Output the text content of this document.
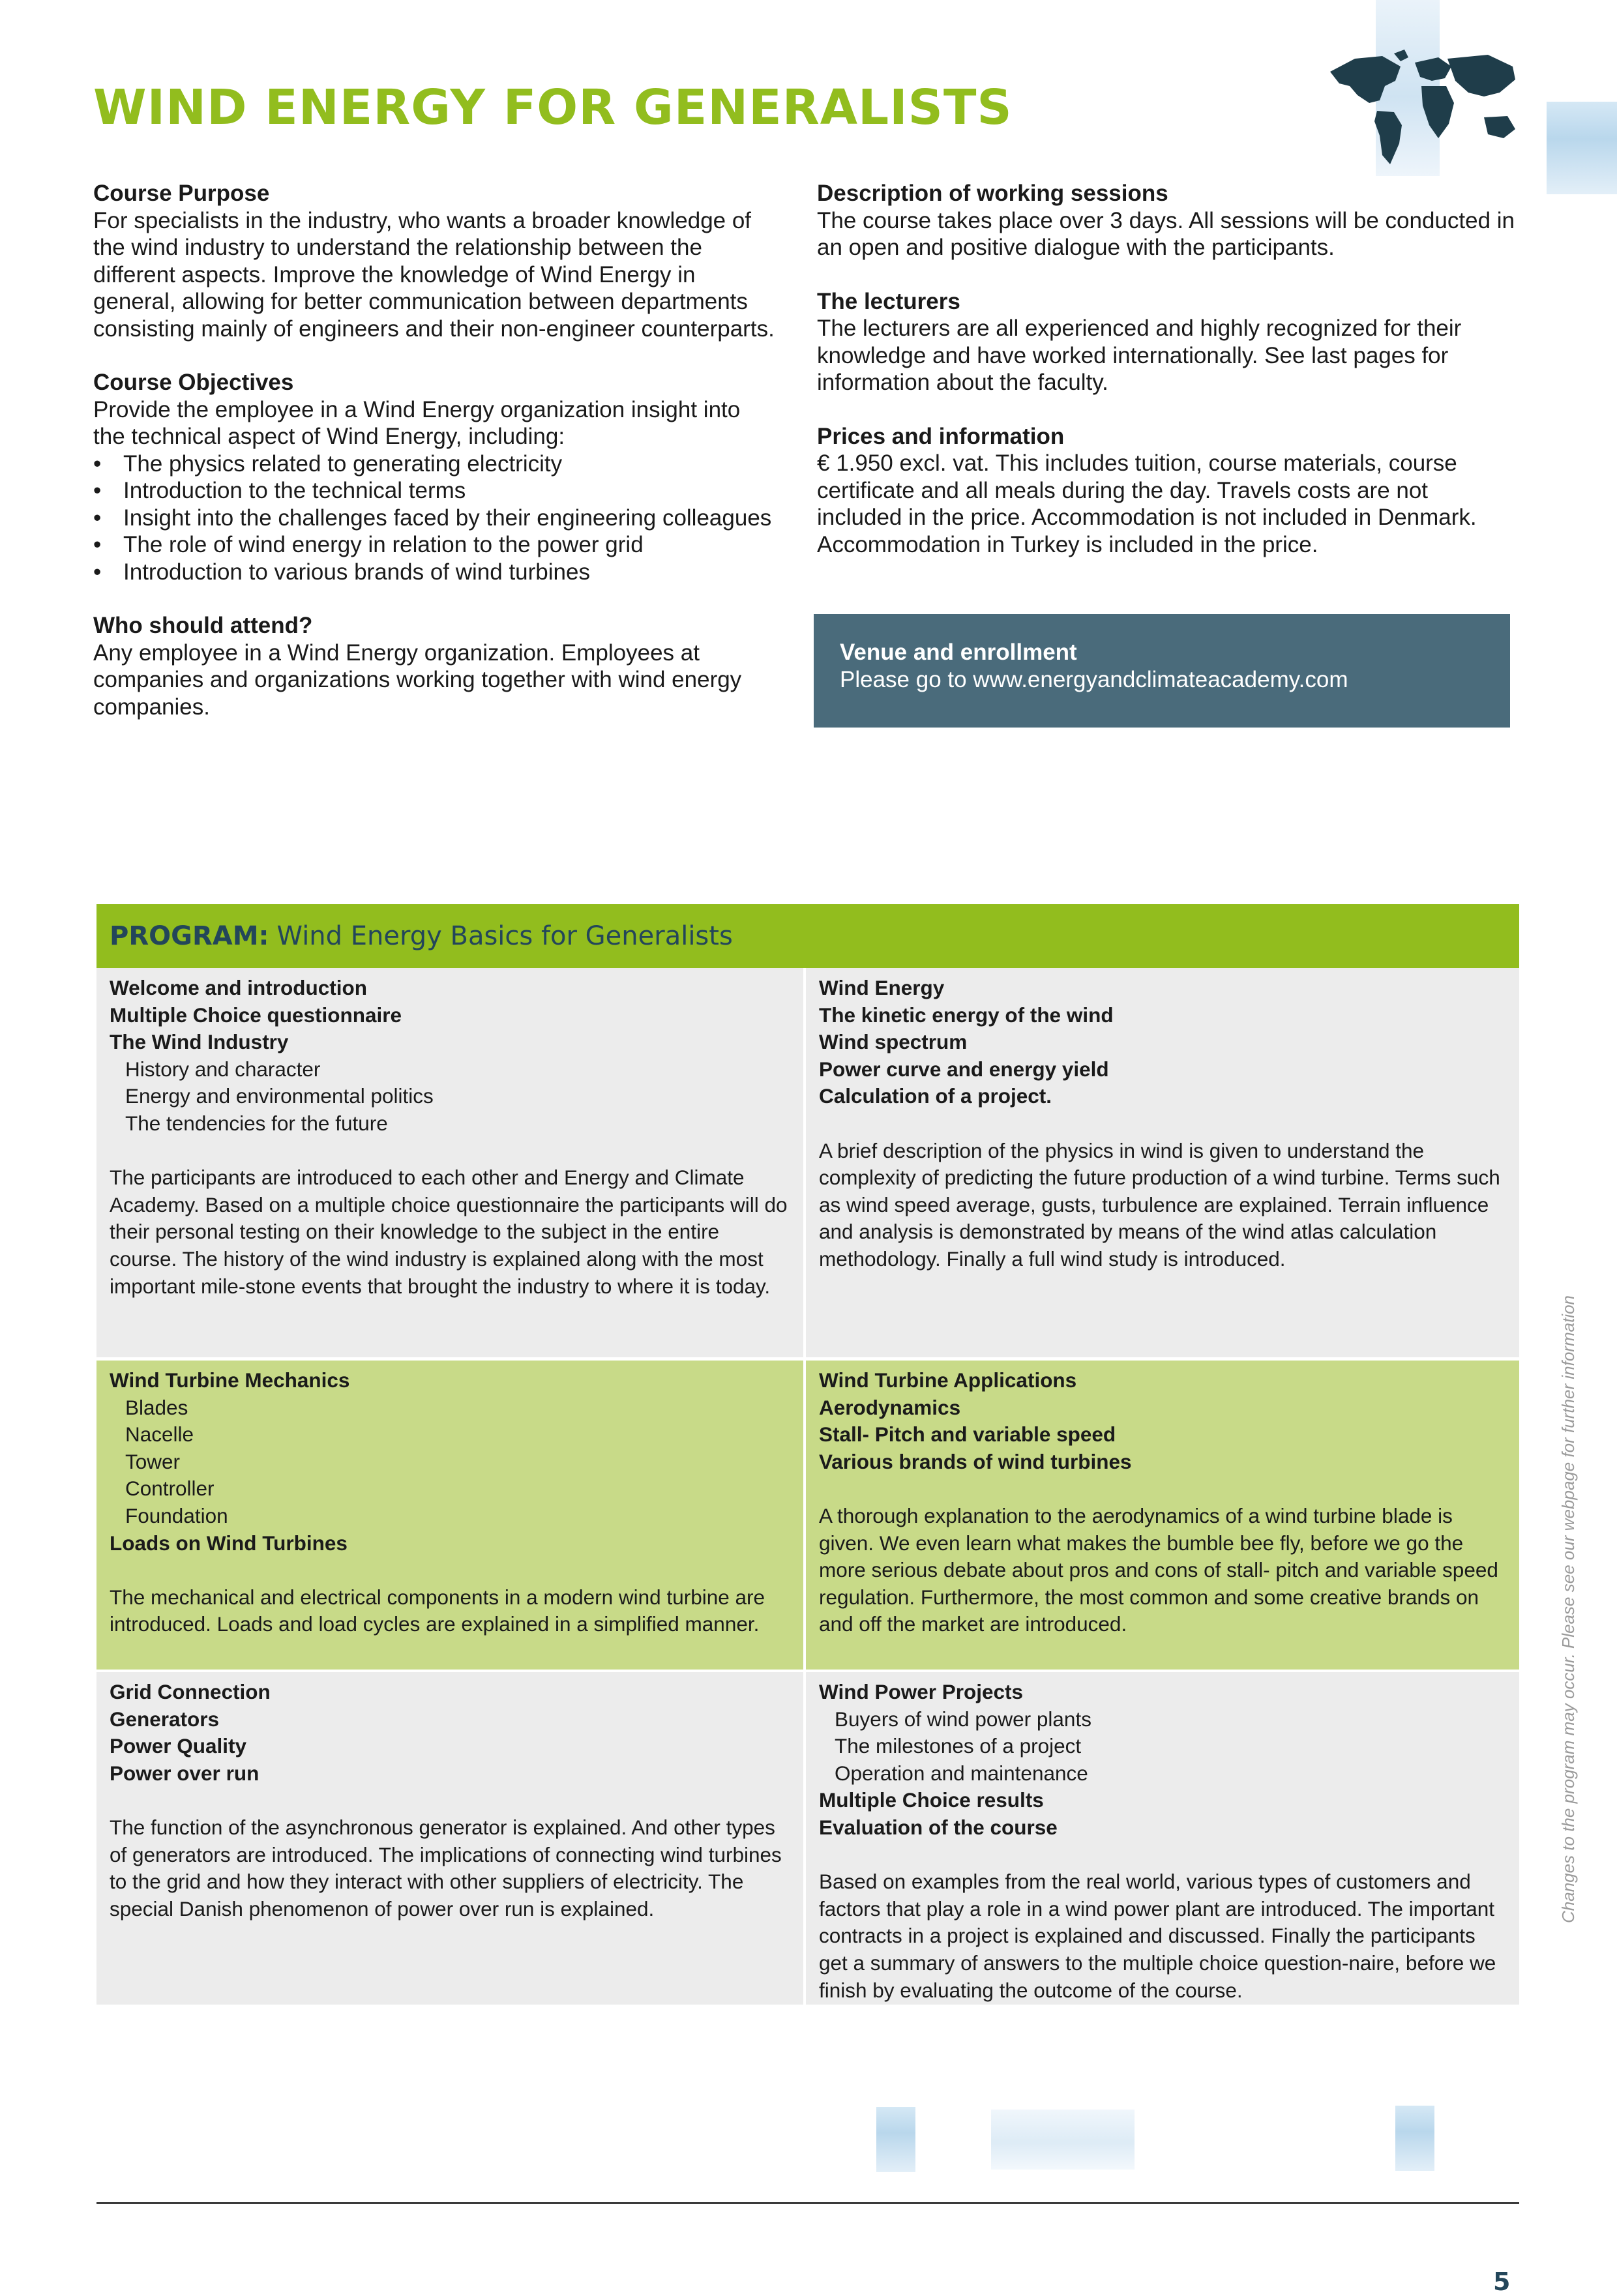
WIND ENERGY FOR GENERALISTS
Course Purpose

For specialists in the industry, who wants a broader knowledge of the wind industry to understand the relationship between the different aspects. Improve the knowledge of Wind Energy in general, allowing for better communication between departments consisting mainly of engineers and their non-engineer counterparts.

Course Objectives
Provide the employee in a Wind Energy organization insight into the technical aspect of Wind Energy, including:
• The physics related to generating electricity
• Introduction to the technical terms
• Insight into the challenges faced by their engineering colleagues
• The role of wind energy in relation to the power grid
• Introduction to various brands of wind turbines
Who should attend?

Any employee in a Wind Energy organization. Employees at companies and organizations working together with wind energy companies.

Description of working sessions

The course takes place over 3 days. All sessions will be conducted in an open and positive dialogue with the participants.

The lecturers

The lecturers are all experienced and highly recognized for their knowledge and have worked internationally. See last pages for information about the faculty.

Prices and information

€ 1.950 excl. vat. This includes tuition, course materials, course certificate and all meals during the day. Travels costs are not included in the price. Accommodation is not included in Denmark. Accommodation in Turkey is included in the price.

Venue and enrollment
Please go to www.energyandclimateacademy.com
PROGRAM: Wind Energy Basics for Generalists
Welcome and introduction
Multiple Choice questionnaire
The Wind Industry
History and character
Energy and environmental politics
The tendencies for the future
The participants are introduced to each other and Energy and Climate Academy. Based on a multiple choice questionnaire the participants will do their personal testing on their knowledge to the subject in the entire course. The history of the wind industry is explained along with the most important mile-stone events that brought the industry to where it is today.
Wind Energy
The kinetic energy of the wind
Wind spectrum
Power curve and energy yield
Calculation of a project.
A brief description of the physics in wind is given to understand the complexity of predicting the future production of a wind turbine. Terms such as wind speed average, gusts, turbulence are explained. Terrain influence and analysis is demonstrated by means of the wind atlas calculation methodology. Finally a full wind study is introduced.
Wind Turbine Mechanics
Blades
Nacelle
Tower
Controller
Foundation
Loads on Wind Turbines
The mechanical and electrical components in a modern wind turbine are introduced. Loads and load cycles are explained in a simplified manner.
Wind Turbine Applications
Aerodynamics
Stall- Pitch and variable speed
Various brands of wind turbines
A thorough explanation to the aerodynamics of a wind turbine blade is given. We even learn what makes the bumble bee fly, before we go the more serious debate about pros and cons of stall- pitch and variable speed regulation. Furthermore, the most common and some creative brands on and off the market are introduced.
Grid Connection
Generators
Power Quality
Power over run
The function of the asynchronous generator is explained. And other types of generators are introduced. The implications of connecting wind turbines to the grid and how they interact with other suppliers of electricity. The special Danish phenomenon of power over run is explained.
Wind Power Projects
Buyers of wind power plants
The milestones of a project
Operation and maintenance
Multiple Choice results
Evaluation of the course
Based on examples from the real world, various types of customers and factors that play a role in a wind power plant are introduced. The important contracts in a project is explained and discussed. Finally the participants get a summary of answers to the multiple choice question-naire, before we finish by evaluating the outcome of the course.
Changes to the program may occur. Please see our webpage for further information
5
